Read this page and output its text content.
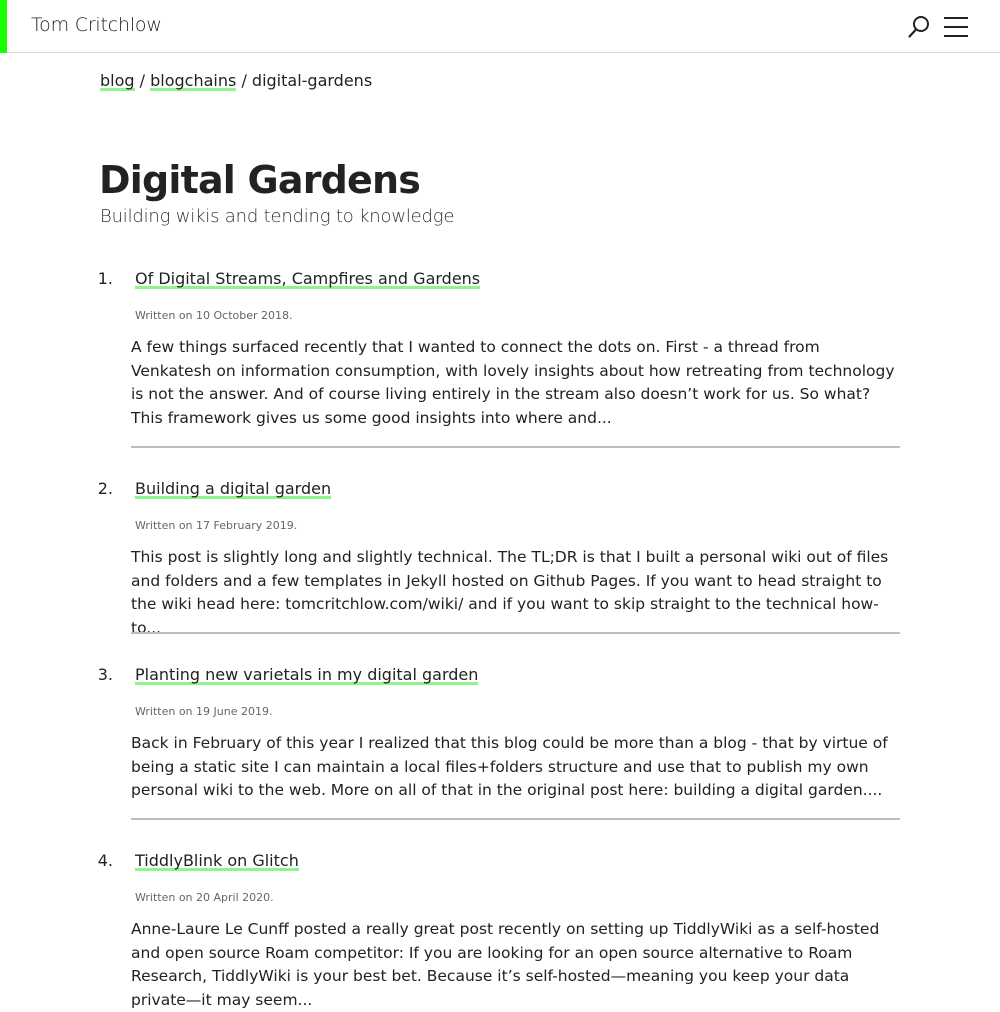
Tom Critchlow
blog / blogchains / digital-gardens
Digital Gardens

Building wikis and tending to knowledge

1. Of Digital Streams, Campfires and Gardens
Written on 10 October 2018.

A few things surfaced recently that I wanted to connect the dots on. First - a thread from Venkatesh on information consumption, with lovely insights about how retreating from technology is not the answer. And of course living entirely in the stream also doesn’t work for us. So what? This framework gives us some good insights into where and...

2. Building a digital garden
Written on 17 February 2019.

This post is slightly long and slightly technical. The TL;DR is that I built a personal wiki out of files and folders and a few templates in Jekyll hosted on Github Pages. If you want to head straight to the wiki head here: tomcritchlow.com/wiki/ and if you want to skip straight to the technical how-to...

3. Planting new varietals in my digital garden
Written on 19 June 2019.

Back in February of this year I realized that this blog could be more than a blog - that by virtue of being a static site I can maintain a local files+folders structure and use that to publish my own personal wiki to the web. More on all of that in the original post here: building a digital garden....

4. TiddlyBlink on Glitch
Written on 20 April 2020.

Anne-Laure Le Cunff posted a really great post recently on setting up TiddlyWiki as a self-hosted and open source Roam competitor: If you are looking for an open source alternative to Roam Research, TiddlyWiki is your best bet. Because it’s self-hosted—meaning you keep your data private—it may seem...
